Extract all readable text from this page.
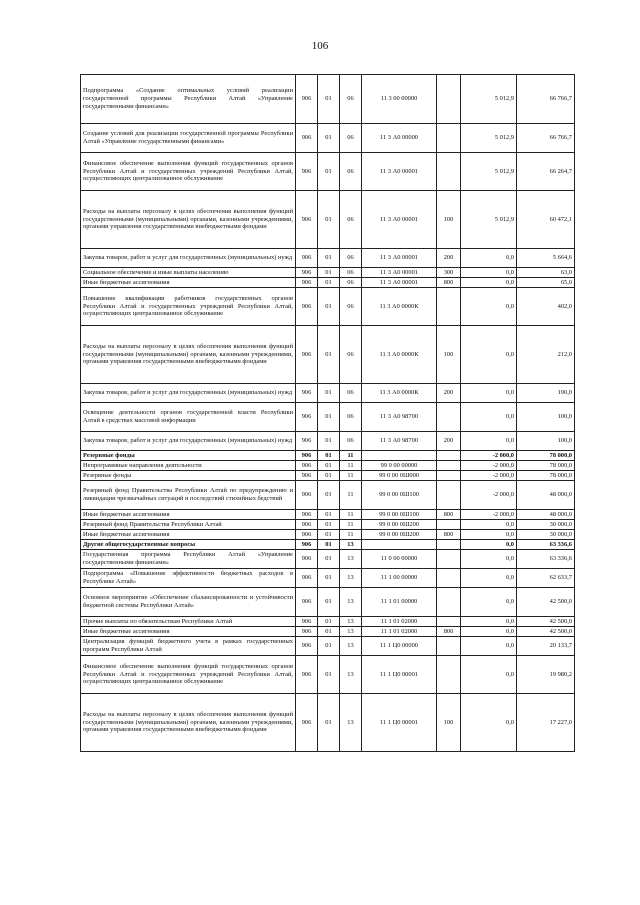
106
Подпрограмма «Создание оптимальных условий реализации государственной программы Республики Алтай «Управление государственными финансами»	906	01	06	11 3 00 00000		5 012,9	66 766,7
Создание условий для реализации государственной программы Республики Алтай «Управление государственными финансами»	906	01	06	11 3 А0 00000		5 012,9	66 766,7
Финансовое обеспечение выполнения функций государственных органов Республики Алтай и государственных учреждений Республики Алтай, осуществляющих централизованное обслуживание	906	01	06	11 3 А0 00001		5 012,9	66 264,7
Расходы на выплаты персоналу в целях обеспечения выполнения функций государственными (муниципальными) органами, казенными учреждениями, органами управления государственными внебюджетными фондами	906	01	06	11 3 А0 00001	100	5 012,9	60 472,1
Закупка товаров, работ и услуг для государственных (муниципальных) нужд	906	01	06	11 3 А0 00001	200	0,0	5 664,6
Социальное обеспечение и иные выплаты населению	906	01	06	11 3 А0 00001	300	0,0	63,0
Иные бюджетные ассигнования	906	01	06	11 3 А0 00001	800	0,0	65,0
Повышение квалификации работников государственных органов Республики Алтай и государственных учреждений Республики Алтай, осуществляющих централизованное обслуживание	906	01	06	11 3 А0 0000К		0,0	402,0
Расходы на выплаты персоналу в целях обеспечения выполнения функций государственными (муниципальными) органами, казенными учреждениями, органами управления государственными внебюджетными фондами	906	01	06	11 3 А0 0000К	100	0,0	212,0
Закупка товаров, работ и услуг для государственных (муниципальных) нужд	906	01	06	11 3 А0 0000К	200	0,0	190,0
Освещение деятельности органов государственной власти Республики Алтай в средствах массовой информации	906	01	06	11 3 А0 98700		0,0	100,0
Закупка товаров, работ и услуг для государственных (муниципальных) нужд	906	01	06	11 3 А0 98700	200	0,0	100,0
Резервные фонды	906	01	11			-2 000,0	78 000,0
Непрограммные направления деятельности	906	01	11	99 0 00 00000		-2 000,0	78 000,0
Резервные фонды	906	01	11	99 0 00 0Ш000		-2 000,0	78 000,0
Резервный фонд Правительства Республики Алтай по предупреждению и ликвидации чрезвычайных ситуаций и последствий стихийных бедствий	906	01	11	99 0 00 0Ш100		-2 000,0	48 000,0
Иные бюджетные ассигнования	906	01	11	99 0 00 0Ш100	800	-2 000,0	48 000,0
Резервный фонд Правительства Республики Алтай	906	01	11	99 0 00 0Ш200		0,0	30 000,0
Иные бюджетные ассигнования	906	01	11	99 0 00 0Ш200	800	0,0	30 000,0
Другие общегосударственные вопросы	906	01	13			0,0	63 336,6
Государственная программа Республики Алтай «Управление государственными финансами»	906	01	13	11 0 00 00000		0,0	63 336,6
Подпрограмма «Повышение эффективности бюджетных расходов в Республике Алтай»	906	01	13	11 1 00 00000		0,0	62 633,7
Основное мероприятие «Обеспечение сбалансированности и устойчивости бюджетной системы Республики Алтай»	906	01	13	11 1 01 00000		0,0	42 500,0
Прочие выплаты по обязательствам Республики Алтай	906	01	13	11 1 01 02000		0,0	42 500,0
Иные бюджетные ассигнования	906	01	13	11 1 01 02000	800	0,0	42 500,0
Централизация функций бюджетного учета в рамках государственных программ Республики Алтай	906	01	13	11 1 Ц0 00000		0,0	20 133,7
Финансовое обеспечение выполнения функций государственных органов Республики Алтай и государственных учреждений Республики Алтай, осуществляющих централизованное обслуживание	906	01	13	11 1 Ц0 00001		0,0	19 980,2
Расходы на выплаты персоналу в целях обеспечения выполнения функций государственными (муниципальными) органами, казенными учреждениями, органами управления государственными внебюджетными фондами	906	01	13	11 1 Ц0 00001	100	0,0	17 227,0
